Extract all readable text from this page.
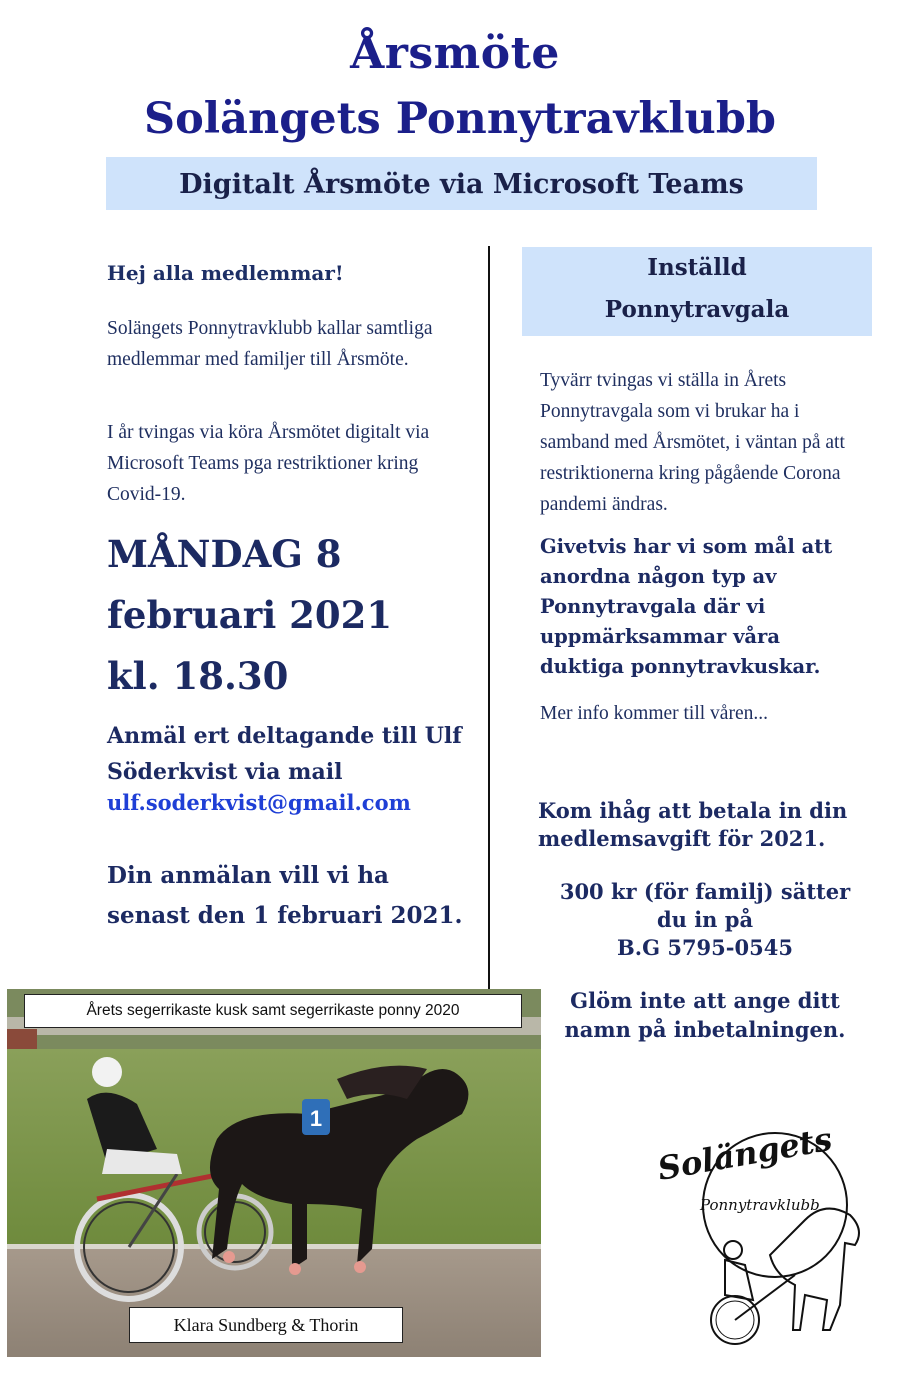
Årsmöte
Solängets Ponnytravklubb
Digitalt Årsmöte via Microsoft Teams
Hej alla medlemmar!
Solängets Ponnytravklubb kallar samtliga medlemmar med familjer till Årsmöte.
I år tvingas via köra Årsmötet digitalt via Microsoft Teams pga restriktioner kring Covid-19.
MÅNDAG 8
februari 2021
kl. 18.30
Anmäl ert deltagande till Ulf Söderkvist via mail
ulf.soderkvist@gmail.com
Din anmälan vill vi ha senast den 1 februari 2021.
Inställd
Ponnytravgala
Tyvärr tvingas vi ställa in Årets Ponnytravgala som vi brukar ha i samband med Årsmötet, i väntan på att restriktionerna kring pågående Corona pandemi ändras.
Givetvis har vi som mål att anordna någon typ av Ponnytravgala där vi uppmärksammar våra duktiga ponnytravkuskar.
Mer info kommer till våren...
Kom ihåg att betala in din medlemsavgift för 2021.
300 kr (för familj) sätter
du in på
B.G 5795-0545
Glöm inte att ange ditt namn på inbetalningen.
1
Årets segerrikaste kusk samt segerrikaste ponny 2020
Klara Sundberg & Thorin
Solängets
Ponnytravklubb
